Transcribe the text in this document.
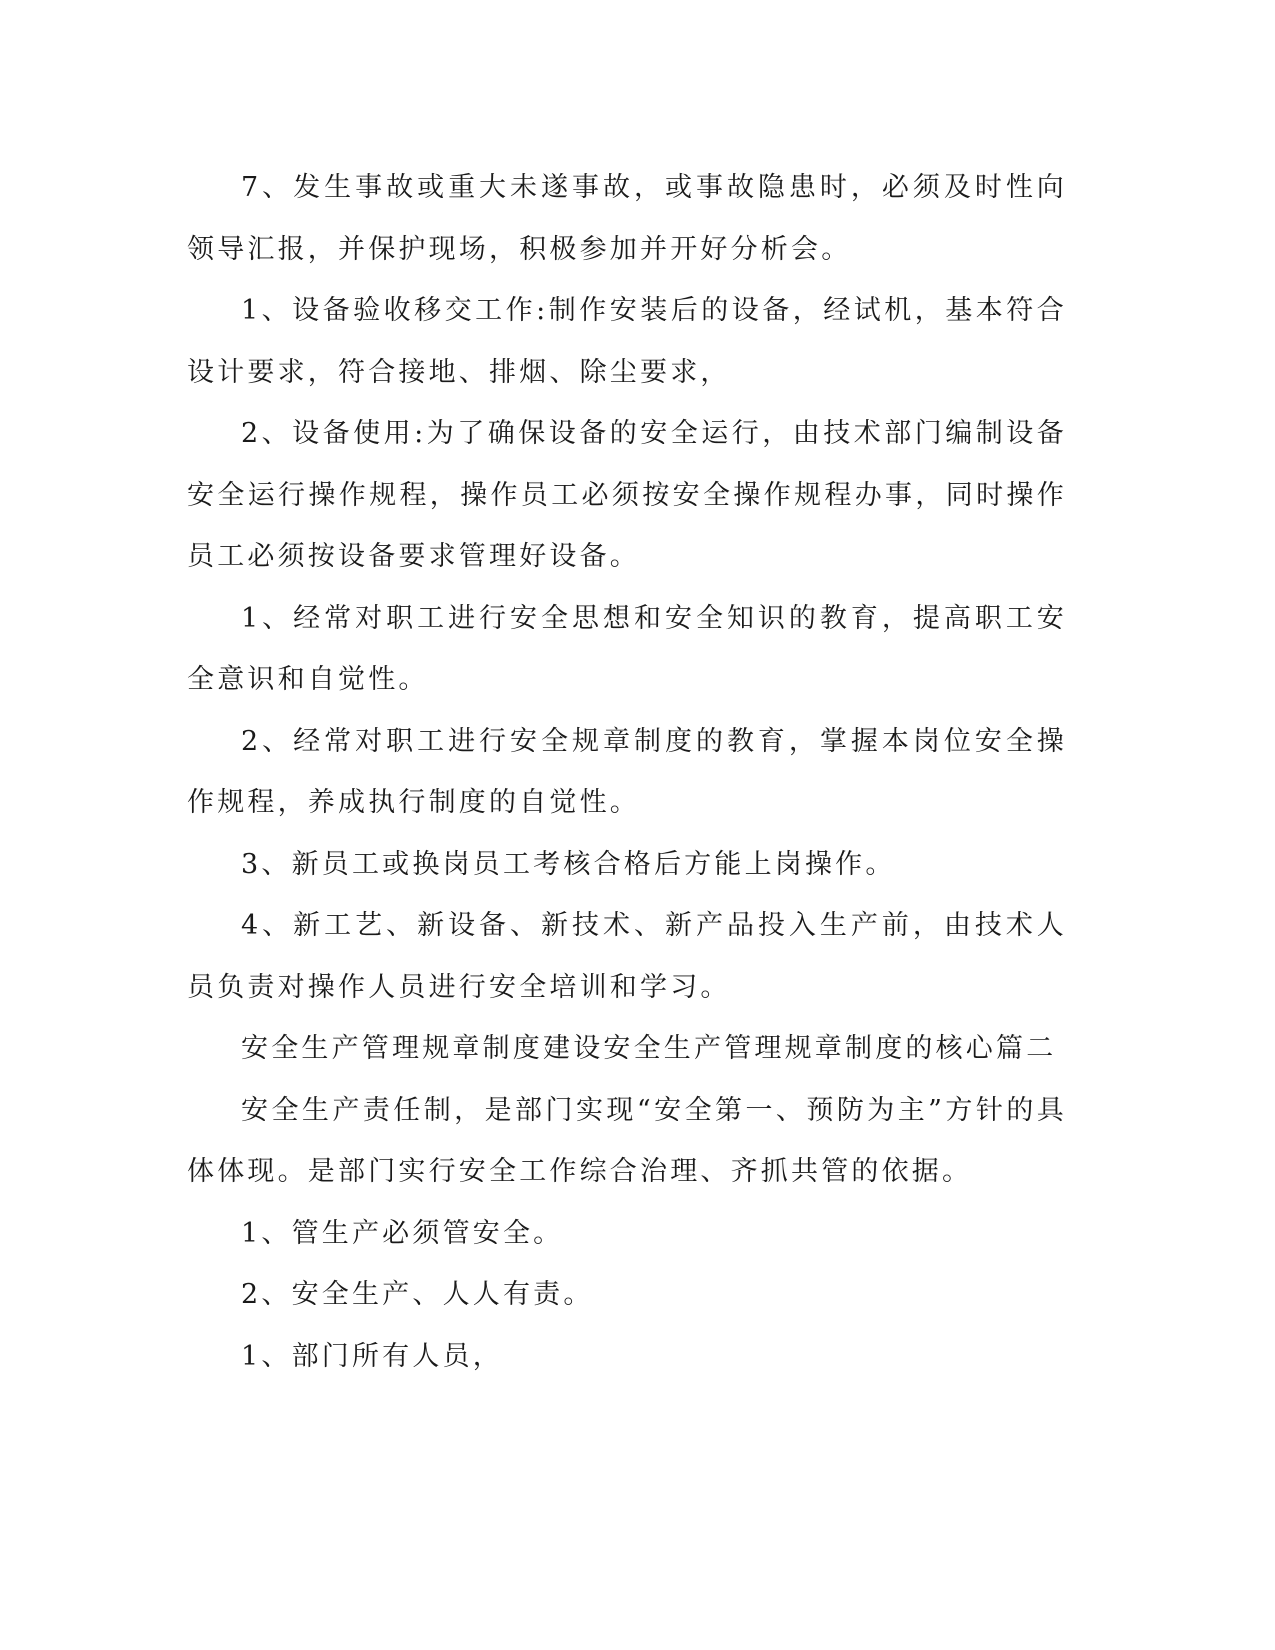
7、发生事故或重大未遂事故，或事故隐患时，必须及时性向领导汇报，并保护现场，积极参加并开好分析会。

1、设备验收移交工作:制作安装后的设备，经试机，基本符合设计要求，符合接地、排烟、除尘要求，

2、设备使用:为了确保设备的安全运行，由技术部门编制设备安全运行操作规程，操作员工必须按安全操作规程办事，同时操作员工必须按设备要求管理好设备。

1、经常对职工进行安全思想和安全知识的教育，提高职工安全意识和自觉性。

2、经常对职工进行安全规章制度的教育，掌握本岗位安全操作规程，养成执行制度的自觉性。

3、新员工或换岗员工考核合格后方能上岗操作。

4、新工艺、新设备、新技术、新产品投入生产前，由技术人员负责对操作人员进行安全培训和学习。

安全生产管理规章制度建设安全生产管理规章制度的核心篇二

安全生产责任制，是部门实现“安全第一、预防为主”方针的具体体现。是部门实行安全工作综合治理、齐抓共管的依据。

1、管生产必须管安全。

2、安全生产、人人有责。

1、部门所有人员，
